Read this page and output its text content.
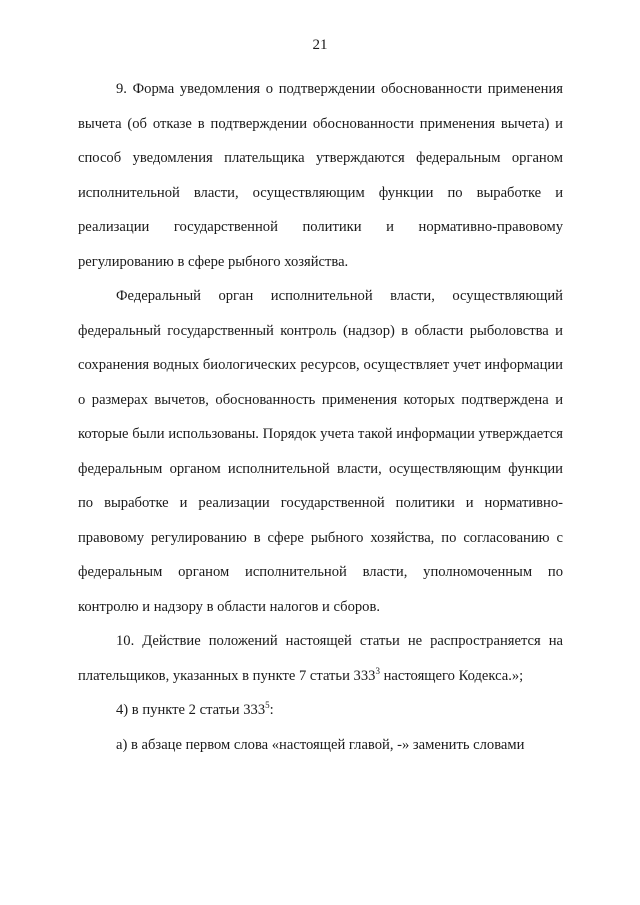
21

9. Форма уведомления о подтверждении обоснованности применения вычета (об отказе в подтверждении обоснованности применения вычета) и способ уведомления плательщика утверждаются федеральным органом исполнительной власти, осуществляющим функции по выработке и реализации государственной политики и нормативно-правовому регулированию в сфере рыбного хозяйства.

Федеральный орган исполнительной власти, осуществляющий федеральный государственный контроль (надзор) в области рыболовства и сохранения водных биологических ресурсов, осуществляет учет информации о размерах вычетов, обоснованность применения которых подтверждена и которые были использованы. Порядок учета такой информации утверждается федеральным органом исполнительной власти, осуществляющим функции по выработке и реализации государственной политики и нормативно-правовому регулированию в сфере рыбного хозяйства, по согласованию с федеральным органом исполнительной власти, уполномоченным по контролю и надзору в области налогов и сборов.

10. Действие положений настоящей статьи не распространяется на плательщиков, указанных в пункте 7 статьи $333^3$ настоящего Кодекса.»;

4) в пункте 2 статьи $333^5$:

а) в абзаце первом слова «настоящей главой, -» заменить словами
